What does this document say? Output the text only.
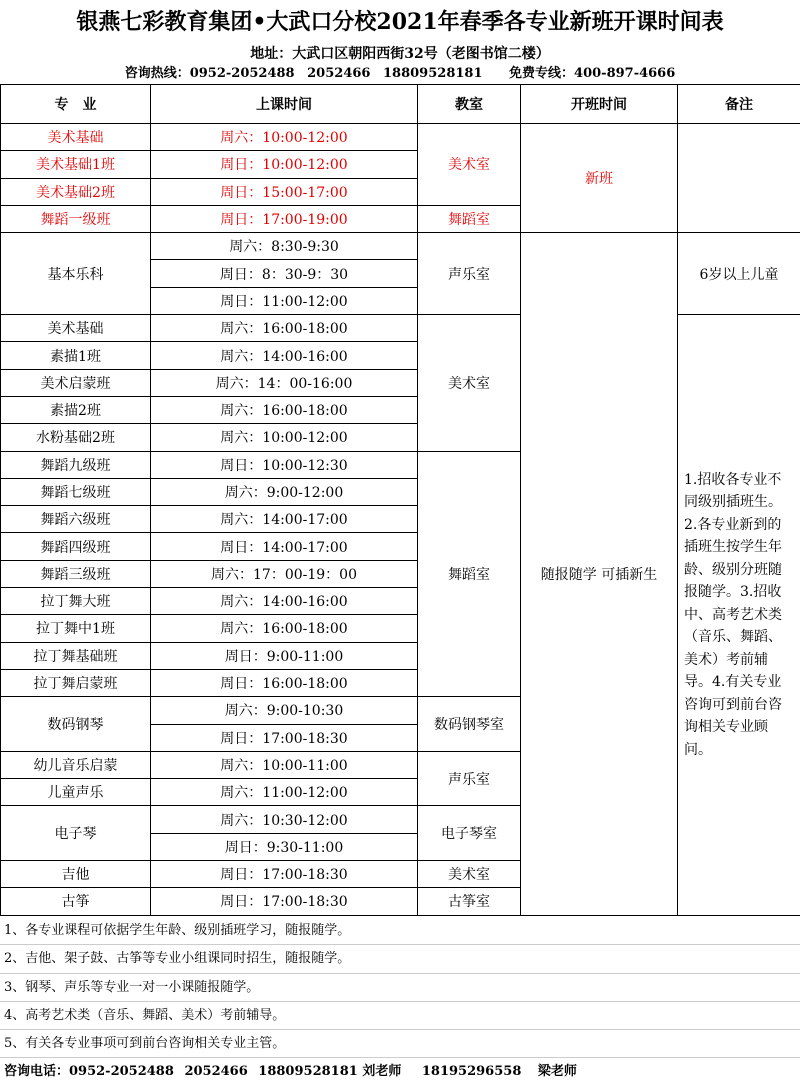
银燕七彩教育集团•大武口分校2021年春季各专业新班开课时间表
地址：大武口区朝阳西街32号（老图书馆二楼）
咨询热线：0952-2052488 2052466 18809528181 免费专线：400-897-4666
专　业	上课时间	教室	开班时间	备注
美术基础	周六：10:00-12:00	美术室	新班	
美术基础1班	周日：10:00-12:00			
美术基础2班	周日：15:00-17:00			
舞蹈一级班	周日：17:00-19:00	舞蹈室		
基本乐科	周六：8:30-9:30	声乐室	随报随学 可插新生	6岁以上儿童
	周日：8：30-9：30			
	周日：11:00-12:00			
美术基础	周六：16:00-18:00	美术室		1.招收各专业不同级别插班生。2.各专业新到的插班生按学生年龄、级别分班随报随学。3.招收中、高考艺术类（音乐、舞蹈、美术）考前辅导。4.有关专业咨询可到前台咨询相关专业顾问。
素描1班	周六：14:00-16:00			
美术启蒙班	周六：14：00-16:00			
素描2班	周六：16:00-18:00			
水粉基础2班	周六：10:00-12:00			
舞蹈九级班	周日：10:00-12:30	舞蹈室		
舞蹈七级班	周六：9:00-12:00			
舞蹈六级班	周六：14:00-17:00			
舞蹈四级班	周日：14:00-17:00			
舞蹈三级班	周六：17：00-19：00			
拉丁舞大班	周六：14:00-16:00			
拉丁舞中1班	周六：16:00-18:00			
拉丁舞基础班	周日：9:00-11:00			
拉丁舞启蒙班	周日：16:00-18:00			
数码钢琴	周六：9:00-10:30	数码钢琴室		
	周日：17:00-18:30			
幼儿音乐启蒙	周六：10:00-11:00	声乐室		
儿童声乐	周六：11:00-12:00			
电子琴	周六：10:30-12:00	电子琴室		
	周日：9:30-11:00			
吉他	周日：17:00-18:30	美术室		
古筝	周日：17:00-18:30	古筝室		
1、各专业课程可依据学生年龄、级别插班学习，随报随学。
2、吉他、架子鼓、古筝等专业小组课同时招生，随报随学。
3、钢琴、声乐等专业一对一小课随报随学。
4、高考艺术类（音乐、舞蹈、美术）考前辅导。
5、有关各专业事项可到前台咨询相关专业主管。
咨询电话：0952-2052488 2052466 18809528181 刘老师 18195296558 梁老师
